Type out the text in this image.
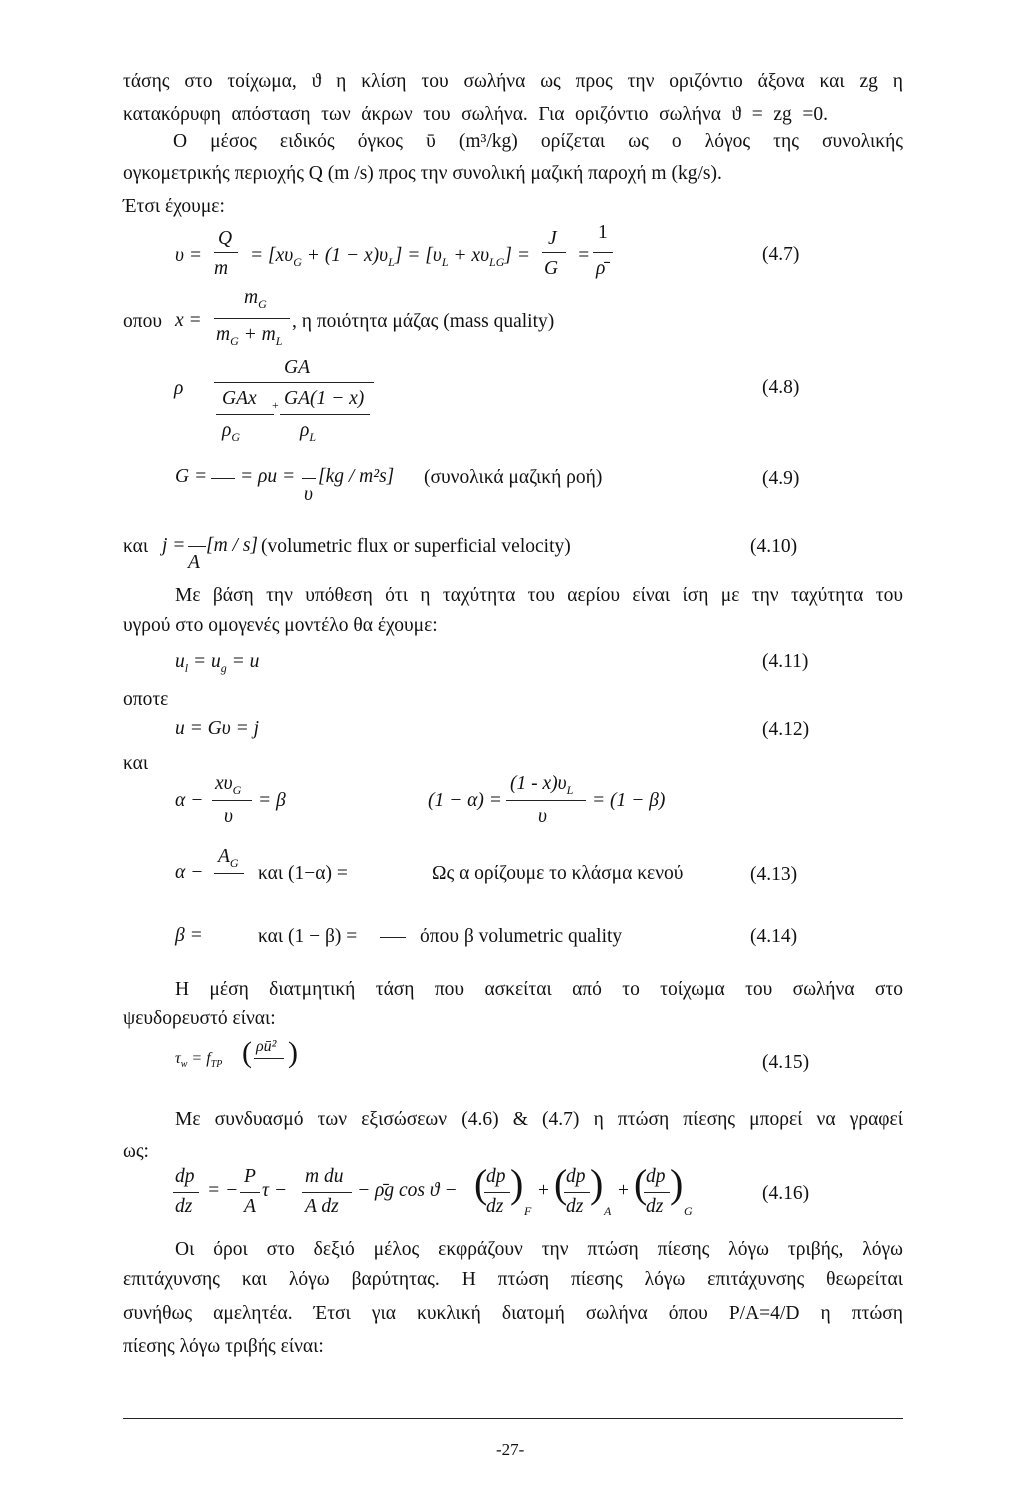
τάσης στο τοίχωμα, ϑ η κλίση του σωλήνα ως προς την οριζόντιο άξονα και zg η
κατακόρυφη απόσταση των άκρων του σωλήνα. Για οριζόντιο σωλήνα ϑ = zg =0.
Ο μέσος ειδικός όγκος ῡ (m³/kg) ορίζεται ως ο λόγος της συνολικής
ογκομετρικής περιοχής Q (m /s) προς την συνολική μαζική παροχή m (kg/s).
Έτσι έχουμε:
υ =
Q
m
= $[x\upsilon_G + (1 - x)\upsilon_L] = [\upsilon_L + x\upsilon_{LG}]$ =
J
G
=
1
ρ̄
(4.7)
οπου x =
$m_G$
$m_G + m_L$
, η ποιότητα μάζας (mass quality)
ρ
GA
GAx + GA(1 − x)
$\rho_G$	$\rho_L$
(4.8)
G = = ρu =
υ
[kg / m²s] (συνολικά μαζική ροή)	(4.9)
και j =
A
[m / s] (volumetric flux or superficial velocity)	(4.10)
Με βάση την υπόθεση ότι η ταχύτητα του αερίου είναι ίση με την ταχύτητα του
υγρού στο ομογενές μοντέλο θα έχουμε:
$u_l = u_g = u$	(4.11)
οποτε
u = Gυ = j	(4.12)
και
α −
$x\upsilon_G$
υ
= β	(1 − α) =
$(1 - x)\upsilon_L$
υ
= (1 − β)
α −
$A_G$
και (1−α) =	Ως α ορίζουμε το κλάσμα κενού	(4.13)
β =	και (1 − β) =	όπου β volumetric quality	(4.14)
Η μέση διατμητική τάση που ασκείται από το τοίχωμα του σωλήνα στο
ψευδορευστό είναι:
$\tau_w = f_{TP}$ ( ρū² )	(4.15)
Με συνδυασμό των εξισώσεων (4.6) & (4.7) η πτώση πίεσης μπορεί να γραφεί
ως:
dp
dz
= −
P
A
τ −
m du
A dz
− ρ̄g cos ϑ − (
dp
dz
)
F
+ (
dp
dz
)
A
+ (
dp
dz
)
G
(4.16)
Οι όροι στο δεξιό μέλος εκφράζουν την πτώση πίεσης λόγω τριβής, λόγω
επιτάχυνσης και λόγω βαρύτητας. Η πτώση πίεσης λόγω επιτάχυνσης θεωρείται
συνήθως αμελητέα. Έτσι για κυκλική διατομή σωλήνα όπου P/A=4/D η πτώση
πίεσης λόγω τριβής είναι:
-27-
